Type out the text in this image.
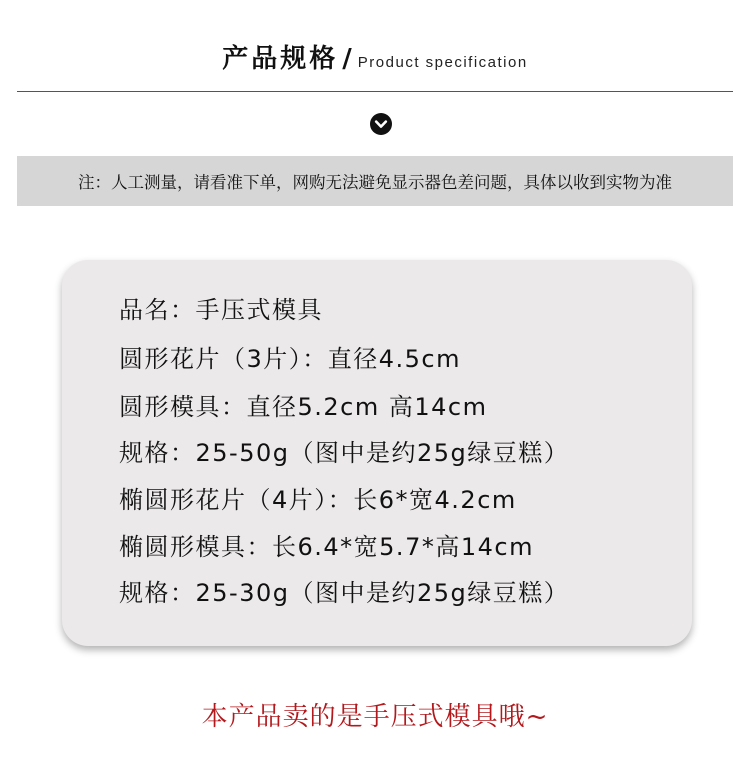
产品规格 / Product specification
注：人工测量，请看准下单，网购无法避免显示器色差问题，具体以收到实物为准
品名：手压式模具
圆形花片（3片）：直径4.5cm
圆形模具：直径5.2cm 高14cm
规格：25-50g（图中是约25g绿豆糕）
椭圆形花片（4片）：长6*宽4.2cm
椭圆形模具：长6.4*宽5.7*高14cm
规格：25-30g（图中是约25g绿豆糕）
本产品卖的是手压式模具哦~
